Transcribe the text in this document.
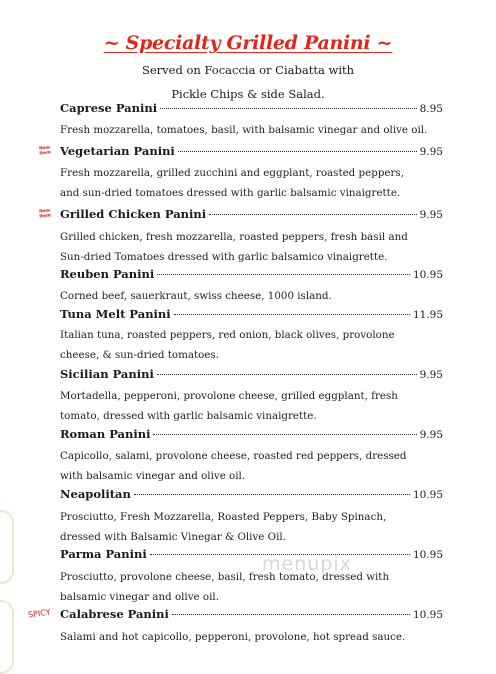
~ Specialty Grilled Panini ~
Served on Focaccia or Ciabatta with
Pickle Chips & side Salad.
Caprese Panini	8.95
Fresh mozzarella, tomatoes, basil, with balsamic vinegar and olive oil.
New Item Vegetarian Panini	9.95
Fresh mozzarella, grilled zucchini and eggplant, roasted peppers,
and sun-dried tomatoes dressed with garlic balsamic vinaigrette.
New Item Grilled Chicken Panini	9.95
Grilled chicken, fresh mozzarella, roasted peppers, fresh basil and
Sun-dried Tomatoes dressed with garlic balsamico vinaigrette.
Reuben Panini	10.95
Corned beef, sauerkraut, swiss cheese, 1000 island.
Tuna Melt Panini	11.95
Italian tuna, roasted peppers, red onion, black olives, provolone
cheese, & sun-dried tomatoes.
Sicilian Panini	9.95
Mortadella, pepperoni, provolone cheese, grilled eggplant, fresh
tomato, dressed with garlic balsamic vinaigrette.
Roman Panini	9.95
Capicollo, salami, provolone cheese, roasted red peppers, dressed
with balsamic vinegar and olive oil.
Neapolitan	10.95
Prosciutto, Fresh Mozzarella, Roasted Peppers, Baby Spinach,
dressed with Balsamic Vinegar & Olive Oil.
Parma Panini	10.95
Prosciutto, provolone cheese, basil, fresh tomato, dressed with
balsamic vinegar and olive oil.
SPICY Calabrese Panini	10.95
Salami and hot capicollo, pepperoni, provolone, hot spread sauce.
menupix
